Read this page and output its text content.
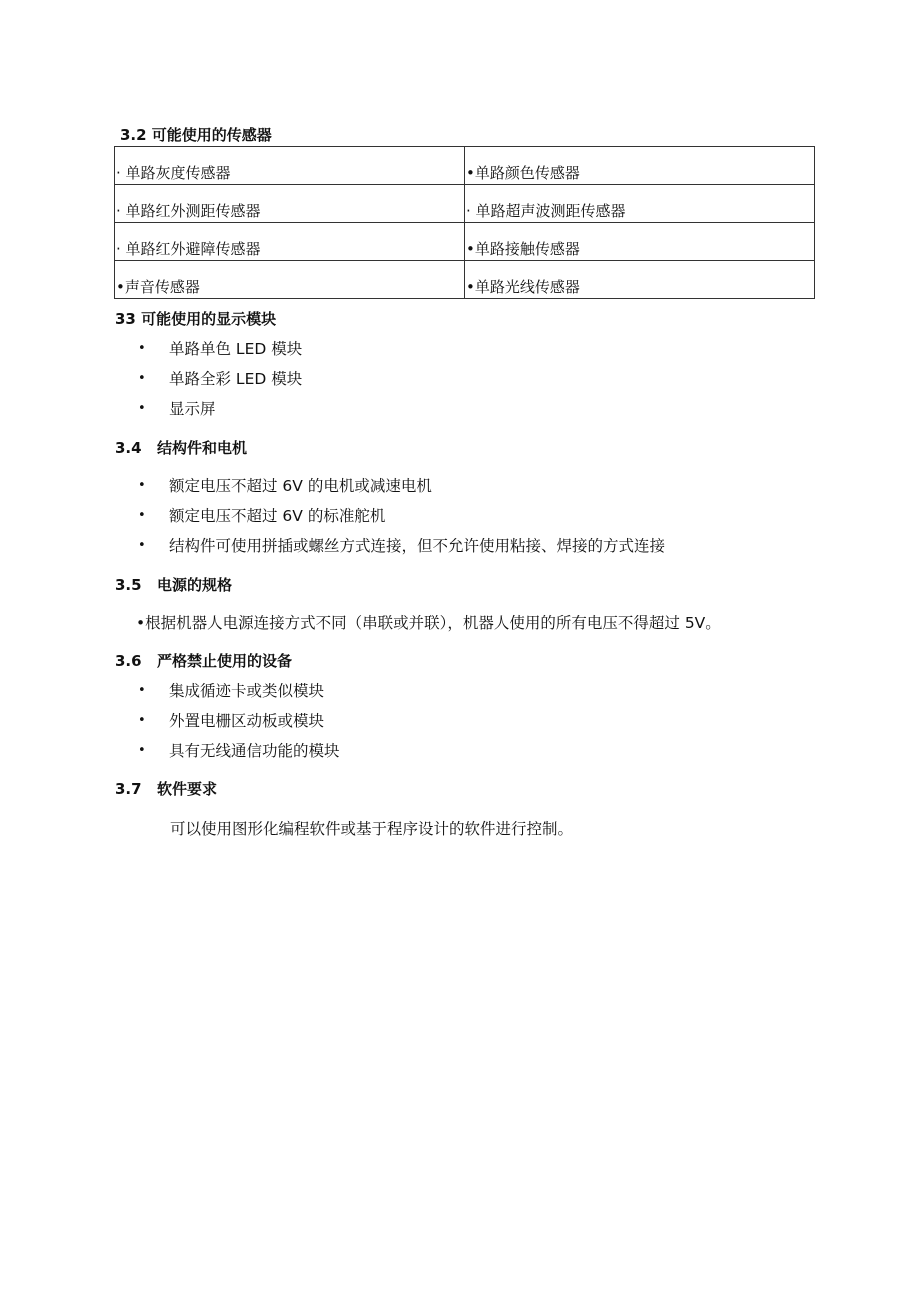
3.2 可能使用的传感器
· 单路灰度传感器	•单路颜色传感器
· 单路红外测距传感器	· 单路超声波测距传感器
· 单路红外避障传感器	•单路接触传感器
•声音传感器	•单路光线传感器
33 可能使用的显示模块
• 单路单色 LED 模块
• 单路全彩 LED 模块
• 显示屏
3.4 结构件和电机
• 额定电压不超过 6V 的电机或减速电机
• 额定电压不超过 6V 的标准舵机
• 结构件可使用拼插或螺丝方式连接，但不允许使用粘接、焊接的方式连接
3.5 电源的规格
•根据机器人电源连接方式不同（串联或并联），机器人使用的所有电压不得超过 5V。
3.6 严格禁止使用的设备
• 集成循迹卡或类似模块
• 外置电栅区动板或模块
• 具有无线通信功能的模块
3.7 软件要求
可以使用图形化编程软件或基于程序设计的软件进行控制。
